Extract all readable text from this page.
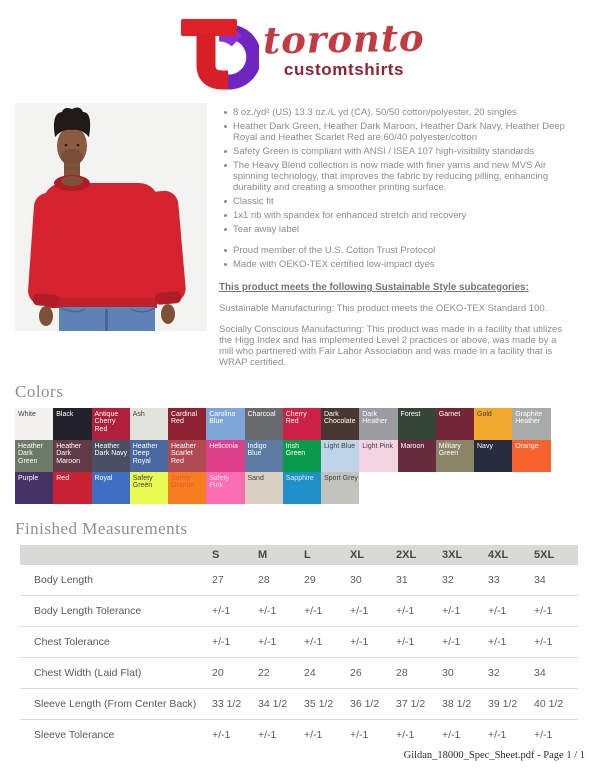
toronto
customtshirts
8 oz./yd² (US) 13.3 oz./L yd (CA), 50/50 cotton/polyester, 20 singles
Heather Dark Green, Heather Dark Maroon, Heather Dark Navy, Heather Deep Royal and Heather Scarlet Red are 60/40 polyester/cotton
Safety Green is compliant with ANSI / ISEA 107 high-visibility standards
The Heavy Blend collection is now made with finer yarns and new MVS Air spinning technology, that improves the fabric by reducing pilling, enhancing durability and creating a smoother printing surface.
Classic fit
1x1 rib with spandex for enhanced stretch and recovery
Tear away label
Proud member of the U.S. Cotton Trust Protocol
Made with OEKO-TEX certified low-impact dyes

This product meets the following Sustainable Style subcategories:

Sustainable Manufacturing: This product meets the OEKO-TEX Standard 100.

Socially Conscious Manufacturing: This product was made in a facility that utilizes the Higg Index and has implemented Level 2 practices or above, was made by a mill who partnered with Fair Labor Association and was made in a facility that is WRAP certified.

Colors
White	Black	Antique Cherry Red
Ash	Cardinal Red
Carolina Blue
Charcoal	Cherry Red
Dark Chocolate
Dark Heather
Forest	Garnet	Gold	Graphite Heather
Heather Dark Green
Heather Dark Maroon
Heather Dark Navy
Heather Deep Royal
Heather Scarlet Red
Heliconia	Indigo Blue
Irish Green
Light Blue	Light Pink	Maroon	Military Green
Navy	Orange
Purple	Red	Royal	Safety Green
Safety Orange
Safety Pink
Sand	Sapphire	Sport Grey
Finished Measurements
	S	M	L	XL	2XL	3XL	4XL	5XL
Body Length	27	28	29	30	31	32	33	34
Body Length Tolerance	+/-1	+/-1	+/-1	+/-1	+/-1	+/-1	+/-1	+/-1
Chest Tolerance	+/-1	+/-1	+/-1	+/-1	+/-1	+/-1	+/-1	+/-1
Chest Width (Laid Flat)	20	22	24	26	28	30	32	34
Sleeve Length (From Center Back)	33 1/2	34 1/2	35 1/2	36 1/2	37 1/2	38 1/2	39 1/2	40 1/2
Sleeve Tolerance	+/-1	+/-1	+/-1	+/-1	+/-1	+/-1	+/-1	+/-1
Gildan_18000_Spec_Sheet.pdf - Page 1 / 1
